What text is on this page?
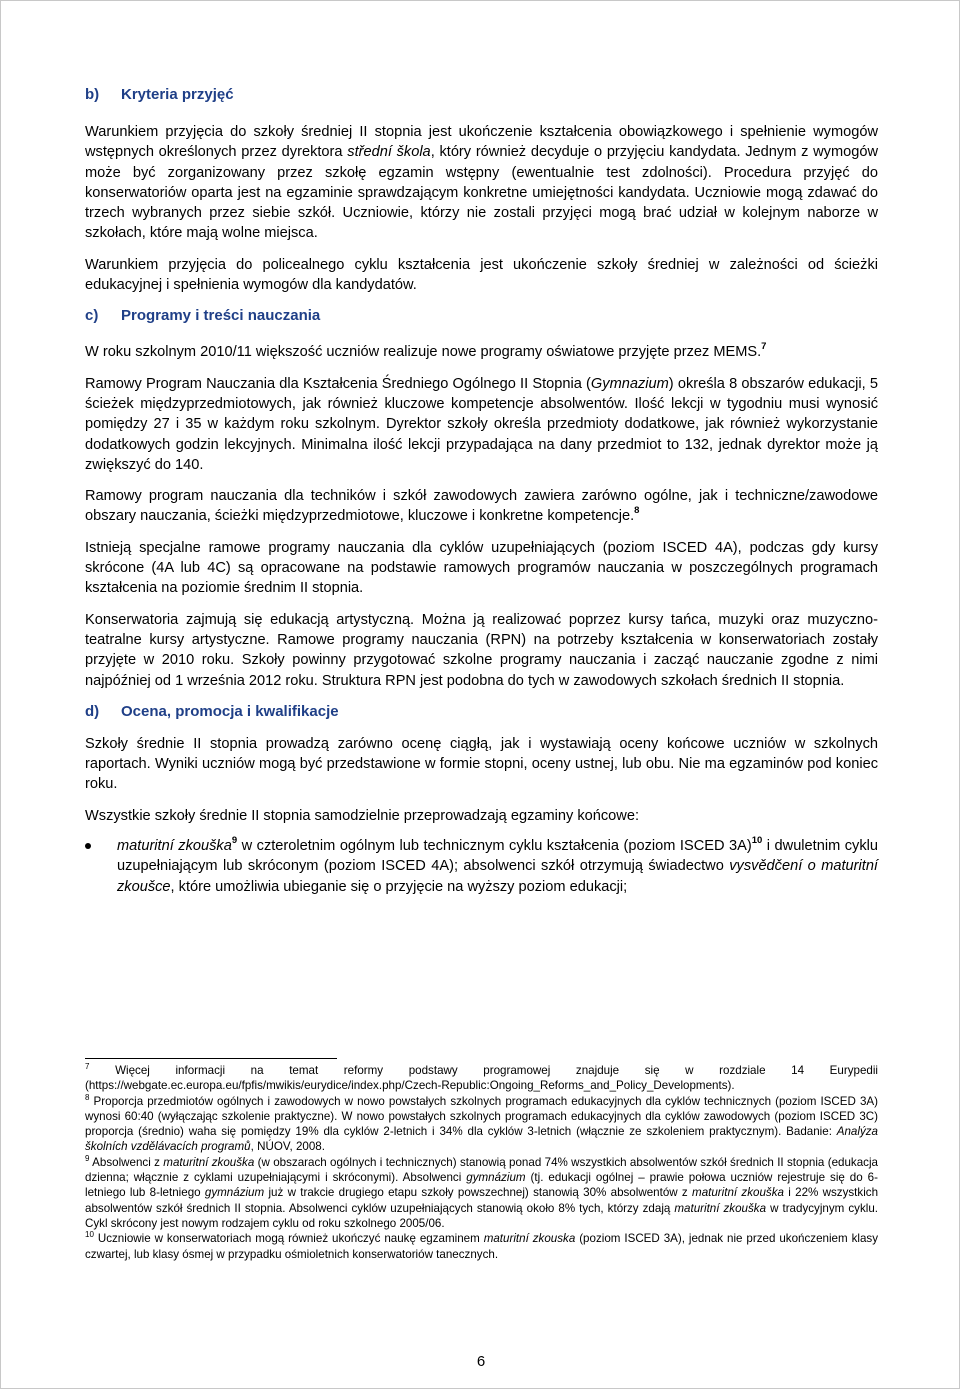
b) Kryteria przyjęć

Warunkiem przyjęcia do szkoły średniej II stopnia jest ukończenie kształcenia obowiązkowego i spełnienie wymogów wstępnych określonych przez dyrektora střední škola, który również decyduje o przyjęciu kandydata. Jednym z wymogów może być zorganizowany przez szkołę egzamin wstępny (ewentualnie test zdolności). Procedura przyjęć do konserwatoriów oparta jest na egzaminie sprawdzającym konkretne umiejętności kandydata. Uczniowie mogą zdawać do trzech wybranych przez siebie szkół. Uczniowie, którzy nie zostali przyjęci mogą brać udział w kolejnym naborze w szkołach, które mają wolne miejsca.

Warunkiem przyjęcia do policealnego cyklu kształcenia jest ukończenie szkoły średniej w zależności od ścieżki edukacyjnej i spełnienia wymogów dla kandydatów.

c) Programy i treści nauczania

W roku szkolnym 2010/11 większość uczniów realizuje nowe programy oświatowe przyjęte przez MEMS.$^7$

Ramowy Program Nauczania dla Kształcenia Średniego Ogólnego II Stopnia (Gymnazium) określa 8 obszarów edukacji, 5 ścieżek międzyprzedmiotowych, jak również kluczowe kompetencje absolwentów. Ilość lekcji w tygodniu musi wynosić pomiędzy 27 i 35 w każdym roku szkolnym. Dyrektor szkoły określa przedmioty dodatkowe, jak również wykorzystanie dodatkowych godzin lekcyjnych. Minimalna ilość lekcji przypadająca na dany przedmiot to 132, jednak dyrektor może ją zwiększyć do 140.

Ramowy program nauczania dla techników i szkół zawodowych zawiera zarówno ogólne, jak i techniczne/zawodowe obszary nauczania, ścieżki międzyprzedmiotowe, kluczowe i konkretne kompetencje.$^8$

Istnieją specjalne ramowe programy nauczania dla cyklów uzupełniających (poziom ISCED 4A), podczas gdy kursy skrócone (4A lub 4C) są opracowane na podstawie ramowych programów nauczania w poszczególnych programach kształcenia na poziomie średnim II stopnia.

Konserwatoria zajmują się edukacją artystyczną. Można ją realizować poprzez kursy tańca, muzyki oraz muzyczno-teatralne kursy artystyczne. Ramowe programy nauczania (RPN) na potrzeby kształcenia w konserwatoriach zostały przyjęte w 2010 roku. Szkoły powinny przygotować szkolne programy nauczania i zacząć nauczanie zgodne z nimi najpóźniej od 1 września 2012 roku. Struktura RPN jest podobna do tych w zawodowych szkołach średnich II stopnia.

d) Ocena, promocja i kwalifikacje

Szkoły średnie II stopnia prowadzą zarówno ocenę ciągłą, jak i wystawiają oceny końcowe uczniów w szkolnych raportach. Wyniki uczniów mogą być przedstawione w formie stopni, oceny ustnej, lub obu. Nie ma egzaminów pod koniec roku.

Wszystkie szkoły średnie II stopnia samodzielnie przeprowadzają egzaminy końcowe:

maturitní zkouška$^9$ w czteroletnim ogólnym lub technicznym cyklu kształcenia (poziom ISCED 3A)$^{10}$ i dwuletnim cyklu uzupełniającym lub skróconym (poziom ISCED 4A); absolwenci szkół otrzymują świadectwo vysvědčení o maturitní zkoušce, które umożliwia ubieganie się o przyjęcie na wyższy poziom edukacji;

$^7$ Więcej informacji na temat reformy podstawy programowej znajduje się w rozdziale 14 Eurypedii (https://webgate.ec.europa.eu/fpfis/mwikis/eurydice/index.php/Czech-Republic:Ongoing_Reforms_and_Policy_Developments).

$^8$ Proporcja przedmiotów ogólnych i zawodowych w nowo powstałych szkolnych programach edukacyjnych dla cyklów technicznych (poziom ISCED 3A) wynosi 60:40 (wyłączając szkolenie praktyczne). W nowo powstałych szkolnych programach edukacyjnych dla cyklów zawodowych (poziom ISCED 3C) proporcja (średnio) waha się pomiędzy 19% dla cyklów 2-letnich i 34% dla cyklów 3-letnich (włącznie ze szkoleniem praktycznym). Badanie: Analýza školních vzdělávacích programů, NÚOV, 2008.

$^9$ Absolwenci z maturitní zkouška (w obszarach ogólnych i technicznych) stanowią ponad 74% wszystkich absolwentów szkół średnich II stopnia (edukacja dzienna; włącznie z cyklami uzupełniającymi i skróconymi). Absolwenci gymnázium (tj. edukacji ogólnej – prawie połowa uczniów rejestruje się do 6-letniego lub 8-letniego gymnázium już w trakcie drugiego etapu szkoły powszechnej) stanowią 30% absolwentów z maturitní zkouška i 22% wszystkich absolwentów szkół średnich II stopnia. Absolwenci cyklów uzupełniających stanowią około 8% tych, którzy zdają maturitní zkouška w tradycyjnym cyklu. Cykl skrócony jest nowym rodzajem cyklu od roku szkolnego 2005/06.

$^{10}$ Uczniowie w konserwatoriach mogą również ukończyć naukę egzaminem maturitní zkouska (poziom ISCED 3A), jednak nie przed ukończeniem klasy czwartej, lub klasy ósmej w przypadku ośmioletnich konserwatoriów tanecznych.

6
